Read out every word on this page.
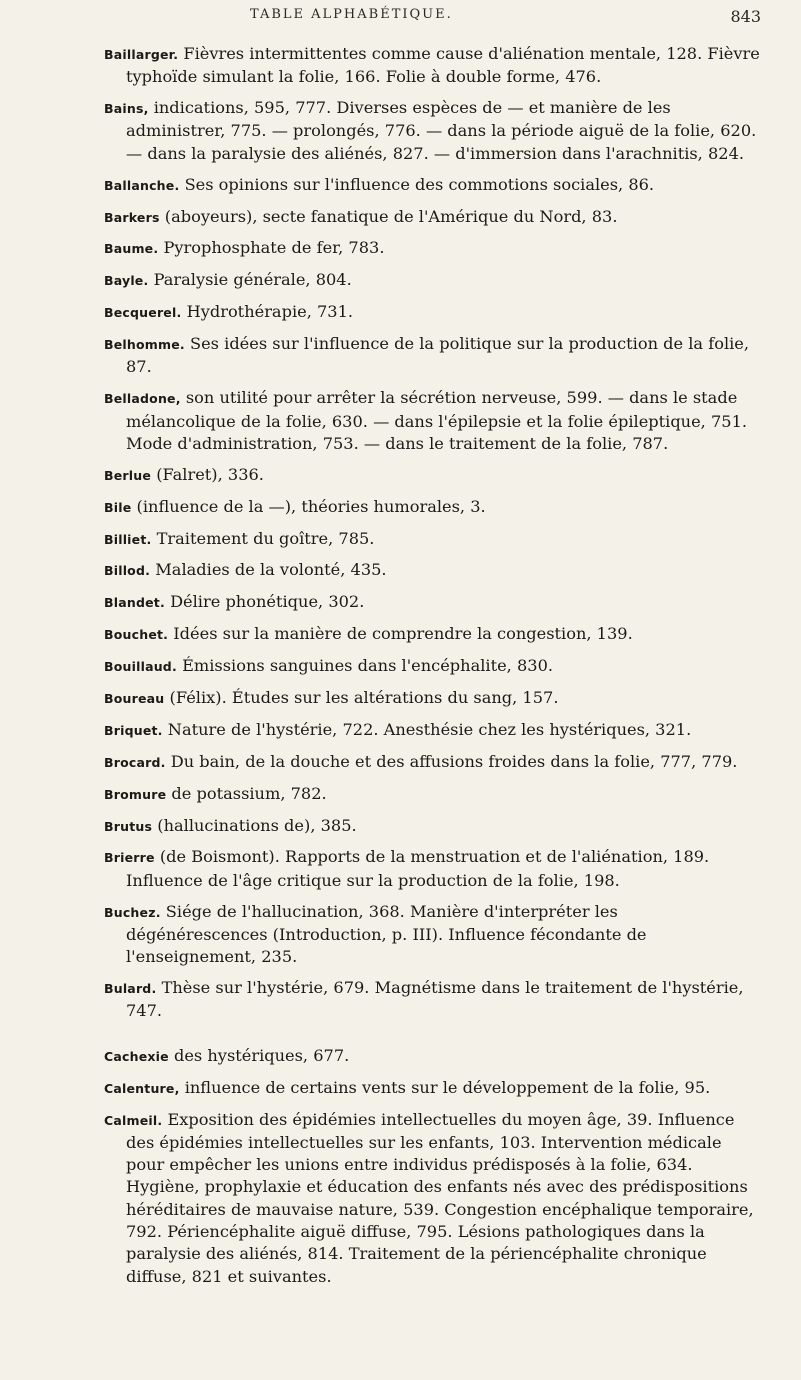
TABLE ALPHABÉTIQUE.	843

Baillarger. Fièvres intermittentes comme cause d'aliénation mentale, 128. Fièvre typhoïde simulant la folie, 166. Folie à double forme, 476.

Bains, indications, 595, 777. Diverses espèces de — et manière de les administrer, 775. — prolongés, 776. — dans la période aiguë de la folie, 620. — dans la paralysie des aliénés, 827. — d'immersion dans l'arachnitis, 824.

Ballanche. Ses opinions sur l'influence des commotions sociales, 86.

Barkers (aboyeurs), secte fanatique de l'Amérique du Nord, 83.

Baume. Pyrophosphate de fer, 783.

Bayle. Paralysie générale, 804.

Becquerel. Hydrothérapie, 731.

Belhomme. Ses idées sur l'influence de la politique sur la production de la folie, 87.

Belladone, son utilité pour arrêter la sécrétion nerveuse, 599. — dans le stade mélancolique de la folie, 630. — dans l'épilepsie et la folie épileptique, 751. Mode d'administration, 753. — dans le traitement de la folie, 787.

Berlue (Falret), 336.

Bile (influence de la —), théories humorales, 3.

Billiet. Traitement du goître, 785.

Billod. Maladies de la volonté, 435.

Blandet. Délire phonétique, 302.

Bouchet. Idées sur la manière de comprendre la congestion, 139.

Bouillaud. Émissions sanguines dans l'encéphalite, 830.

Boureau (Félix). Études sur les altérations du sang, 157.

Briquet. Nature de l'hystérie, 722. Anesthésie chez les hystériques, 321.

Brocard. Du bain, de la douche et des affusions froides dans la folie, 777, 779.

Bromure de potassium, 782.

Brutus (hallucinations de), 385.

Brierre (de Boismont). Rapports de la menstruation et de l'aliénation, 189. Influence de l'âge critique sur la production de la folie, 198.

Buchez. Siége de l'hallucination, 368. Manière d'interpréter les dégénérescences (Introduction, p. III). Influence fécondante de l'enseignement, 235.

Bulard. Thèse sur l'hystérie, 679. Magnétisme dans le traitement de l'hystérie, 747.

Cachexie des hystériques, 677.

Calenture, influence de certains vents sur le développement de la folie, 95.

Calmeil. Exposition des épidémies intellectuelles du moyen âge, 39. Influence des épidémies intellectuelles sur les enfants, 103. Intervention médicale pour empêcher les unions entre individus prédisposés à la folie, 634. Hygiène, prophylaxie et éducation des enfants nés avec des prédispositions héréditaires de mauvaise nature, 539. Congestion encéphalique temporaire, 792. Périencéphalite aiguë diffuse, 795. Lésions pathologiques dans la paralysie des aliénés, 814. Traitement de la périencéphalite chronique diffuse, 821 et suivantes.
